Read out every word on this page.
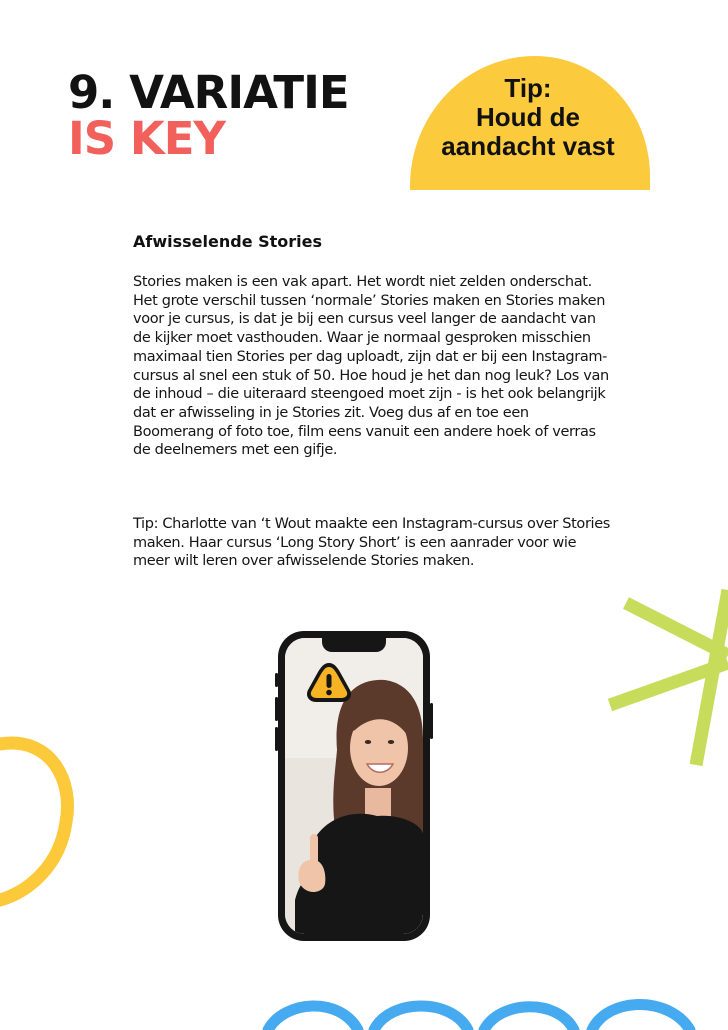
9. VARIATIE
IS KEY
Tip:
Houd de
aandacht vast
Afwisselende Stories

Stories maken is een vak apart. Het wordt niet zelden onderschat. Het grote verschil tussen ‘normale’ Stories maken en Stories maken voor je cursus, is dat je bij een cursus veel langer de aandacht van de kijker moet vasthouden. Waar je normaal gesproken misschien maximaal tien Stories per dag uploadt, zijn dat er bij een Instagram-cursus al snel een stuk of 50. Hoe houd je het dan nog leuk? Los van de inhoud – die uiteraard steengoed moet zijn - is het ook belangrijk dat er afwisseling in je Stories zit. Voeg dus af en toe een Boomerang of foto toe, film eens vanuit een andere hoek of verras de deelnemers met een gifje.

Tip: Charlotte van ‘t Wout maakte een Instagram-cursus over Stories maken. Haar cursus ‘Long Story Short’ is een aanrader voor wie meer wilt leren over afwisselende Stories maken.
